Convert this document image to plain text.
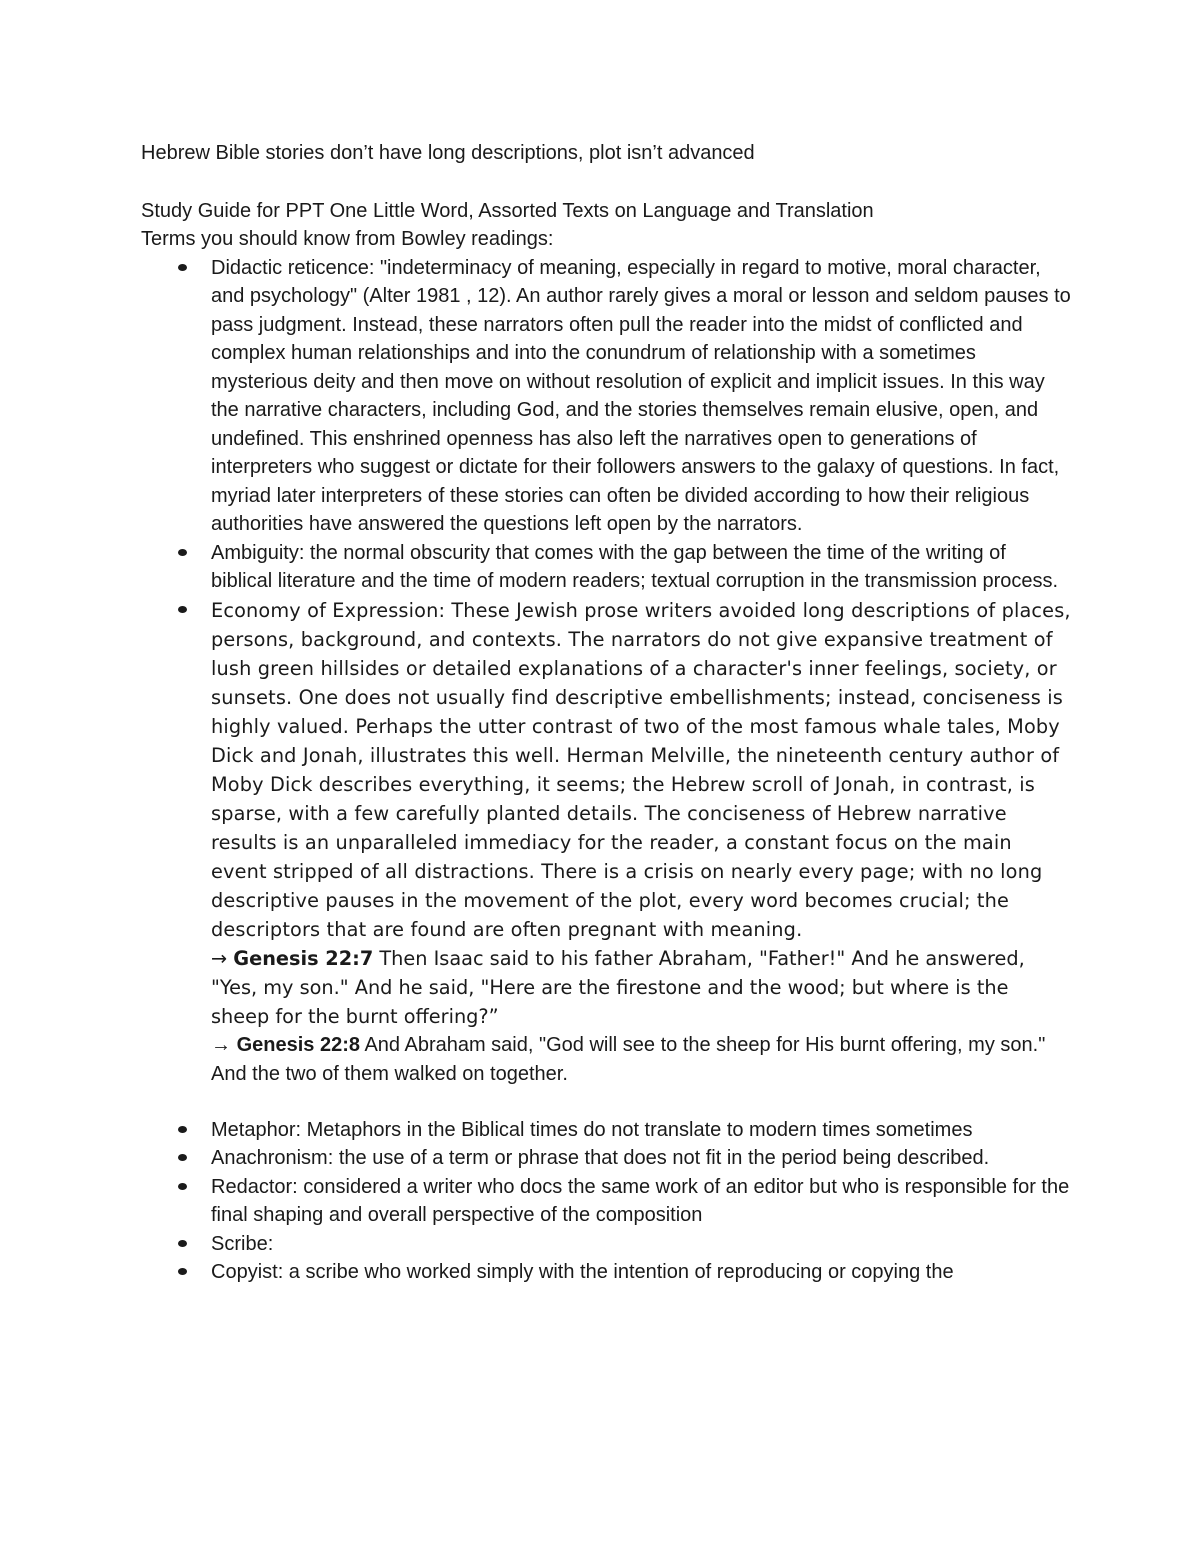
Hebrew Bible stories don’t have long descriptions, plot isn’t advanced

Study Guide for PPT One Little Word, Assorted Texts on Language and Translation

Terms you should know from Bowley readings:

Didactic reticence: "indeterminacy of meaning, especially in regard to motive, moral character, and psychology" (Alter 1981 , 12). An author rarely gives a moral or lesson and seldom pauses to pass judgment. Instead, these narrators often pull the reader into the midst of conflicted and complex human relationships and into the conundrum of relationship with a sometimes mysterious deity and then move on without resolution of explicit and implicit issues. In this way the narrative characters, including God, and the stories themselves remain elusive, open, and undefined. This enshrined openness has also left the narratives open to generations of interpreters who suggest or dictate for their followers answers to the galaxy of questions. In fact, myriad later interpreters of these stories can often be divided according to how their religious authorities have answered the questions left open by the narrators.

Ambiguity: the normal obscurity that comes with the gap between the time of the writing of biblical literature and the time of modern readers; textual corruption in the transmission process.

Economy of Expression: These Jewish prose writers avoided long descriptions of places, persons, background, and contexts. The narrators do not give expansive treatment of lush green hillsides or detailed explanations of a character's inner feelings, society, or sunsets. One does not usually find descriptive embellishments; instead, conciseness is highly valued. Perhaps the utter contrast of two of the most famous whale tales, Moby Dick and Jonah, illustrates this well. Herman Melville, the nineteenth century author of Moby Dick describes everything, it seems; the Hebrew scroll of Jonah, in contrast, is sparse, with a few carefully planted details. The conciseness of Hebrew narrative results is an unparalleled immediacy for the reader, a constant focus on the main event stripped of all distractions. There is a crisis on nearly every page; with no long descriptive pauses in the movement of the plot, every word becomes crucial; the descriptors that are found are often pregnant with meaning.

→ Genesis 22:7 Then Isaac said to his father Abraham, "Father!" And he answered, "Yes, my son." And he said, "Here are the firestone and the wood; but where is the sheep for the burnt offering?”

→ Genesis 22:8 And Abraham said, "God will see to the sheep for His burnt offering, my son." And the two of them walked on together.

Metaphor: Metaphors in the Biblical times do not translate to modern times sometimes

Anachronism: the use of a term or phrase that does not fit in the period being described.

Redactor: considered a writer who docs the same work of an editor but who is responsible for the final shaping and overall perspective of the composition

Scribe:

Copyist: a scribe who worked simply with the intention of reproducing or copying the
